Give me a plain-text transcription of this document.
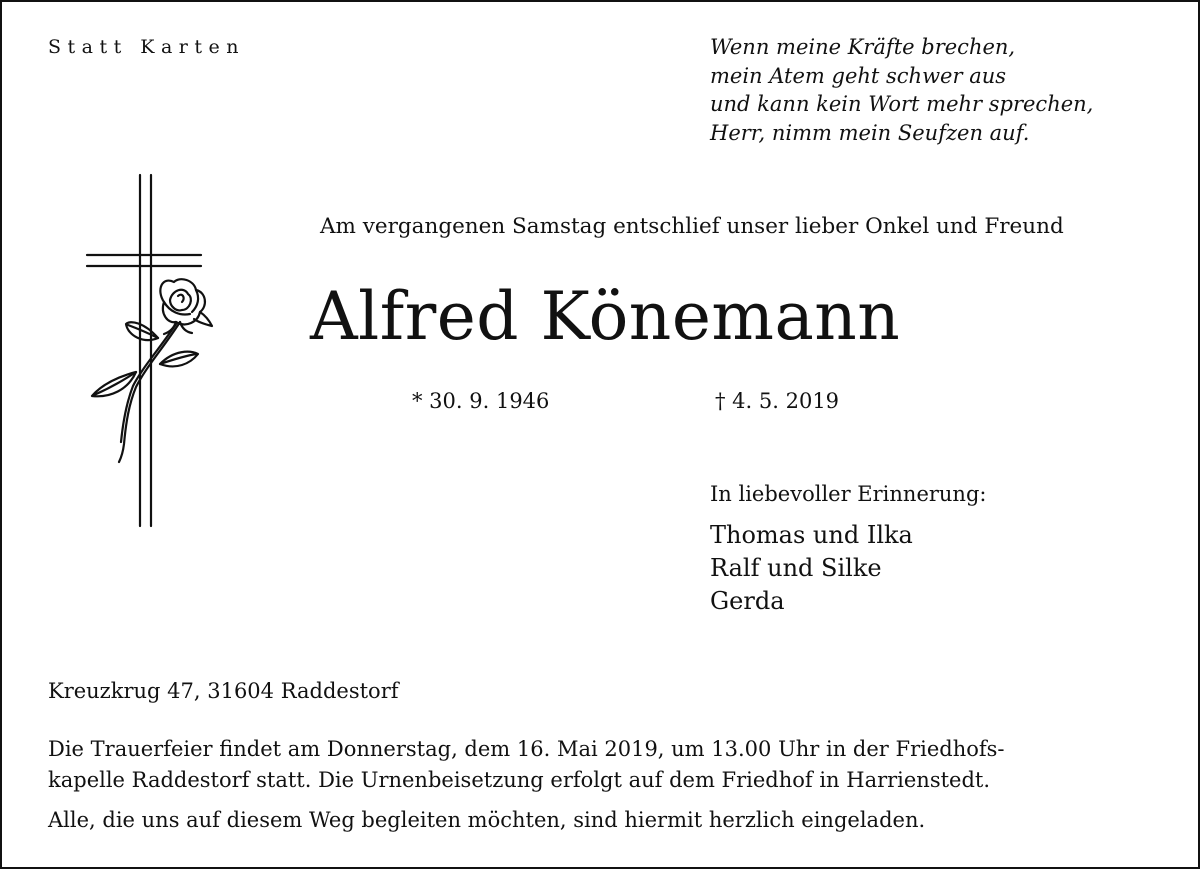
Statt Karten	Wenn meine Kräfte brechen,
mein Atem geht schwer aus
und kann kein Wort mehr sprechen,
Herr, nimm mein Seufzen auf.

Am vergangenen Samstag entschlief unser lieber Onkel und Freund

Alfred Könemann

* 30. 9. 1946	† 4. 5. 2019

In liebevoller Erinnerung:

Thomas und Ilka
Ralf und Silke
Gerda

Kreuzkrug 47, 31604 Raddestorf

Die Trauerfeier findet am Donnerstag, dem 16. Mai 2019, um 13.00 Uhr in der Friedhofs-
kapelle Raddestorf statt. Die Urnenbeisetzung erfolgt auf dem Friedhof in Harrienstedt.
Alle, die uns auf diesem Weg begleiten möchten, sind hiermit herzlich eingeladen.
